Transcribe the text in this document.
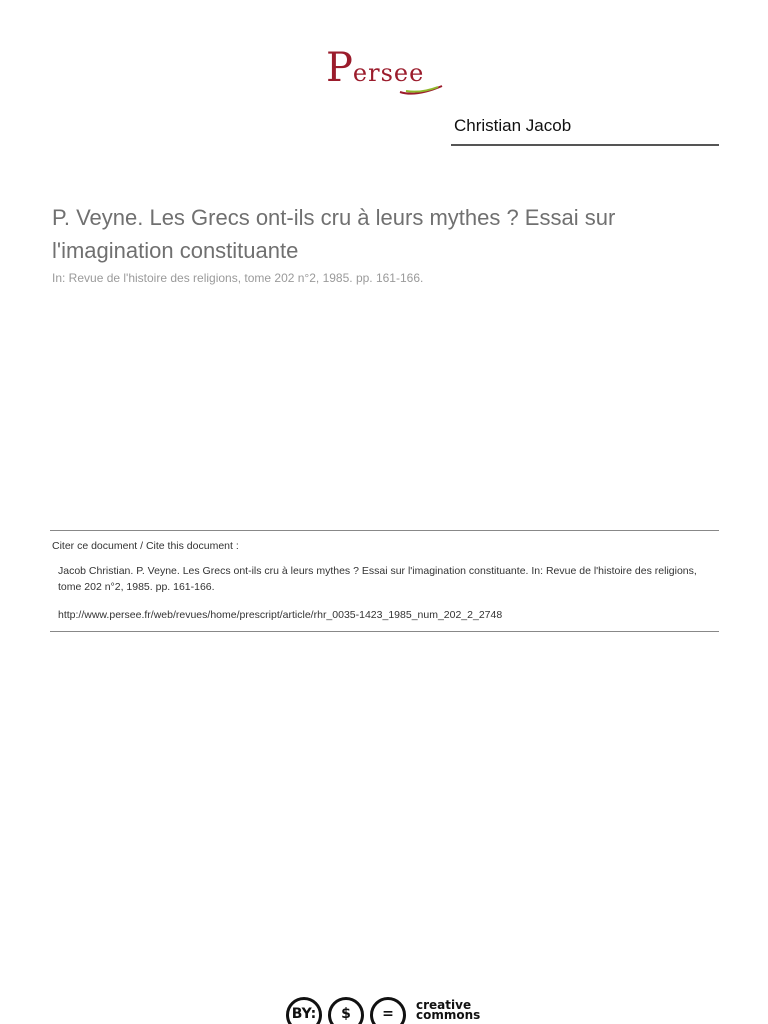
Persee
Christian Jacob
P. Veyne. Les Grecs ont-ils cru à leurs mythes ? Essai sur l'imagination constituante
In: Revue de l'histoire des religions, tome 202 n°2, 1985. pp. 161-166.
Citer ce document / Cite this document :
Jacob Christian. P. Veyne. Les Grecs ont-ils cru à leurs mythes ? Essai sur l'imagination constituante. In: Revue de l'histoire des religions, tome 202 n°2, 1985. pp. 161-166.
http://www.persee.fr/web/revues/home/prescript/article/rhr_0035-1423_1985_num_202_2_2748
BY:	$	=
creative
commons
